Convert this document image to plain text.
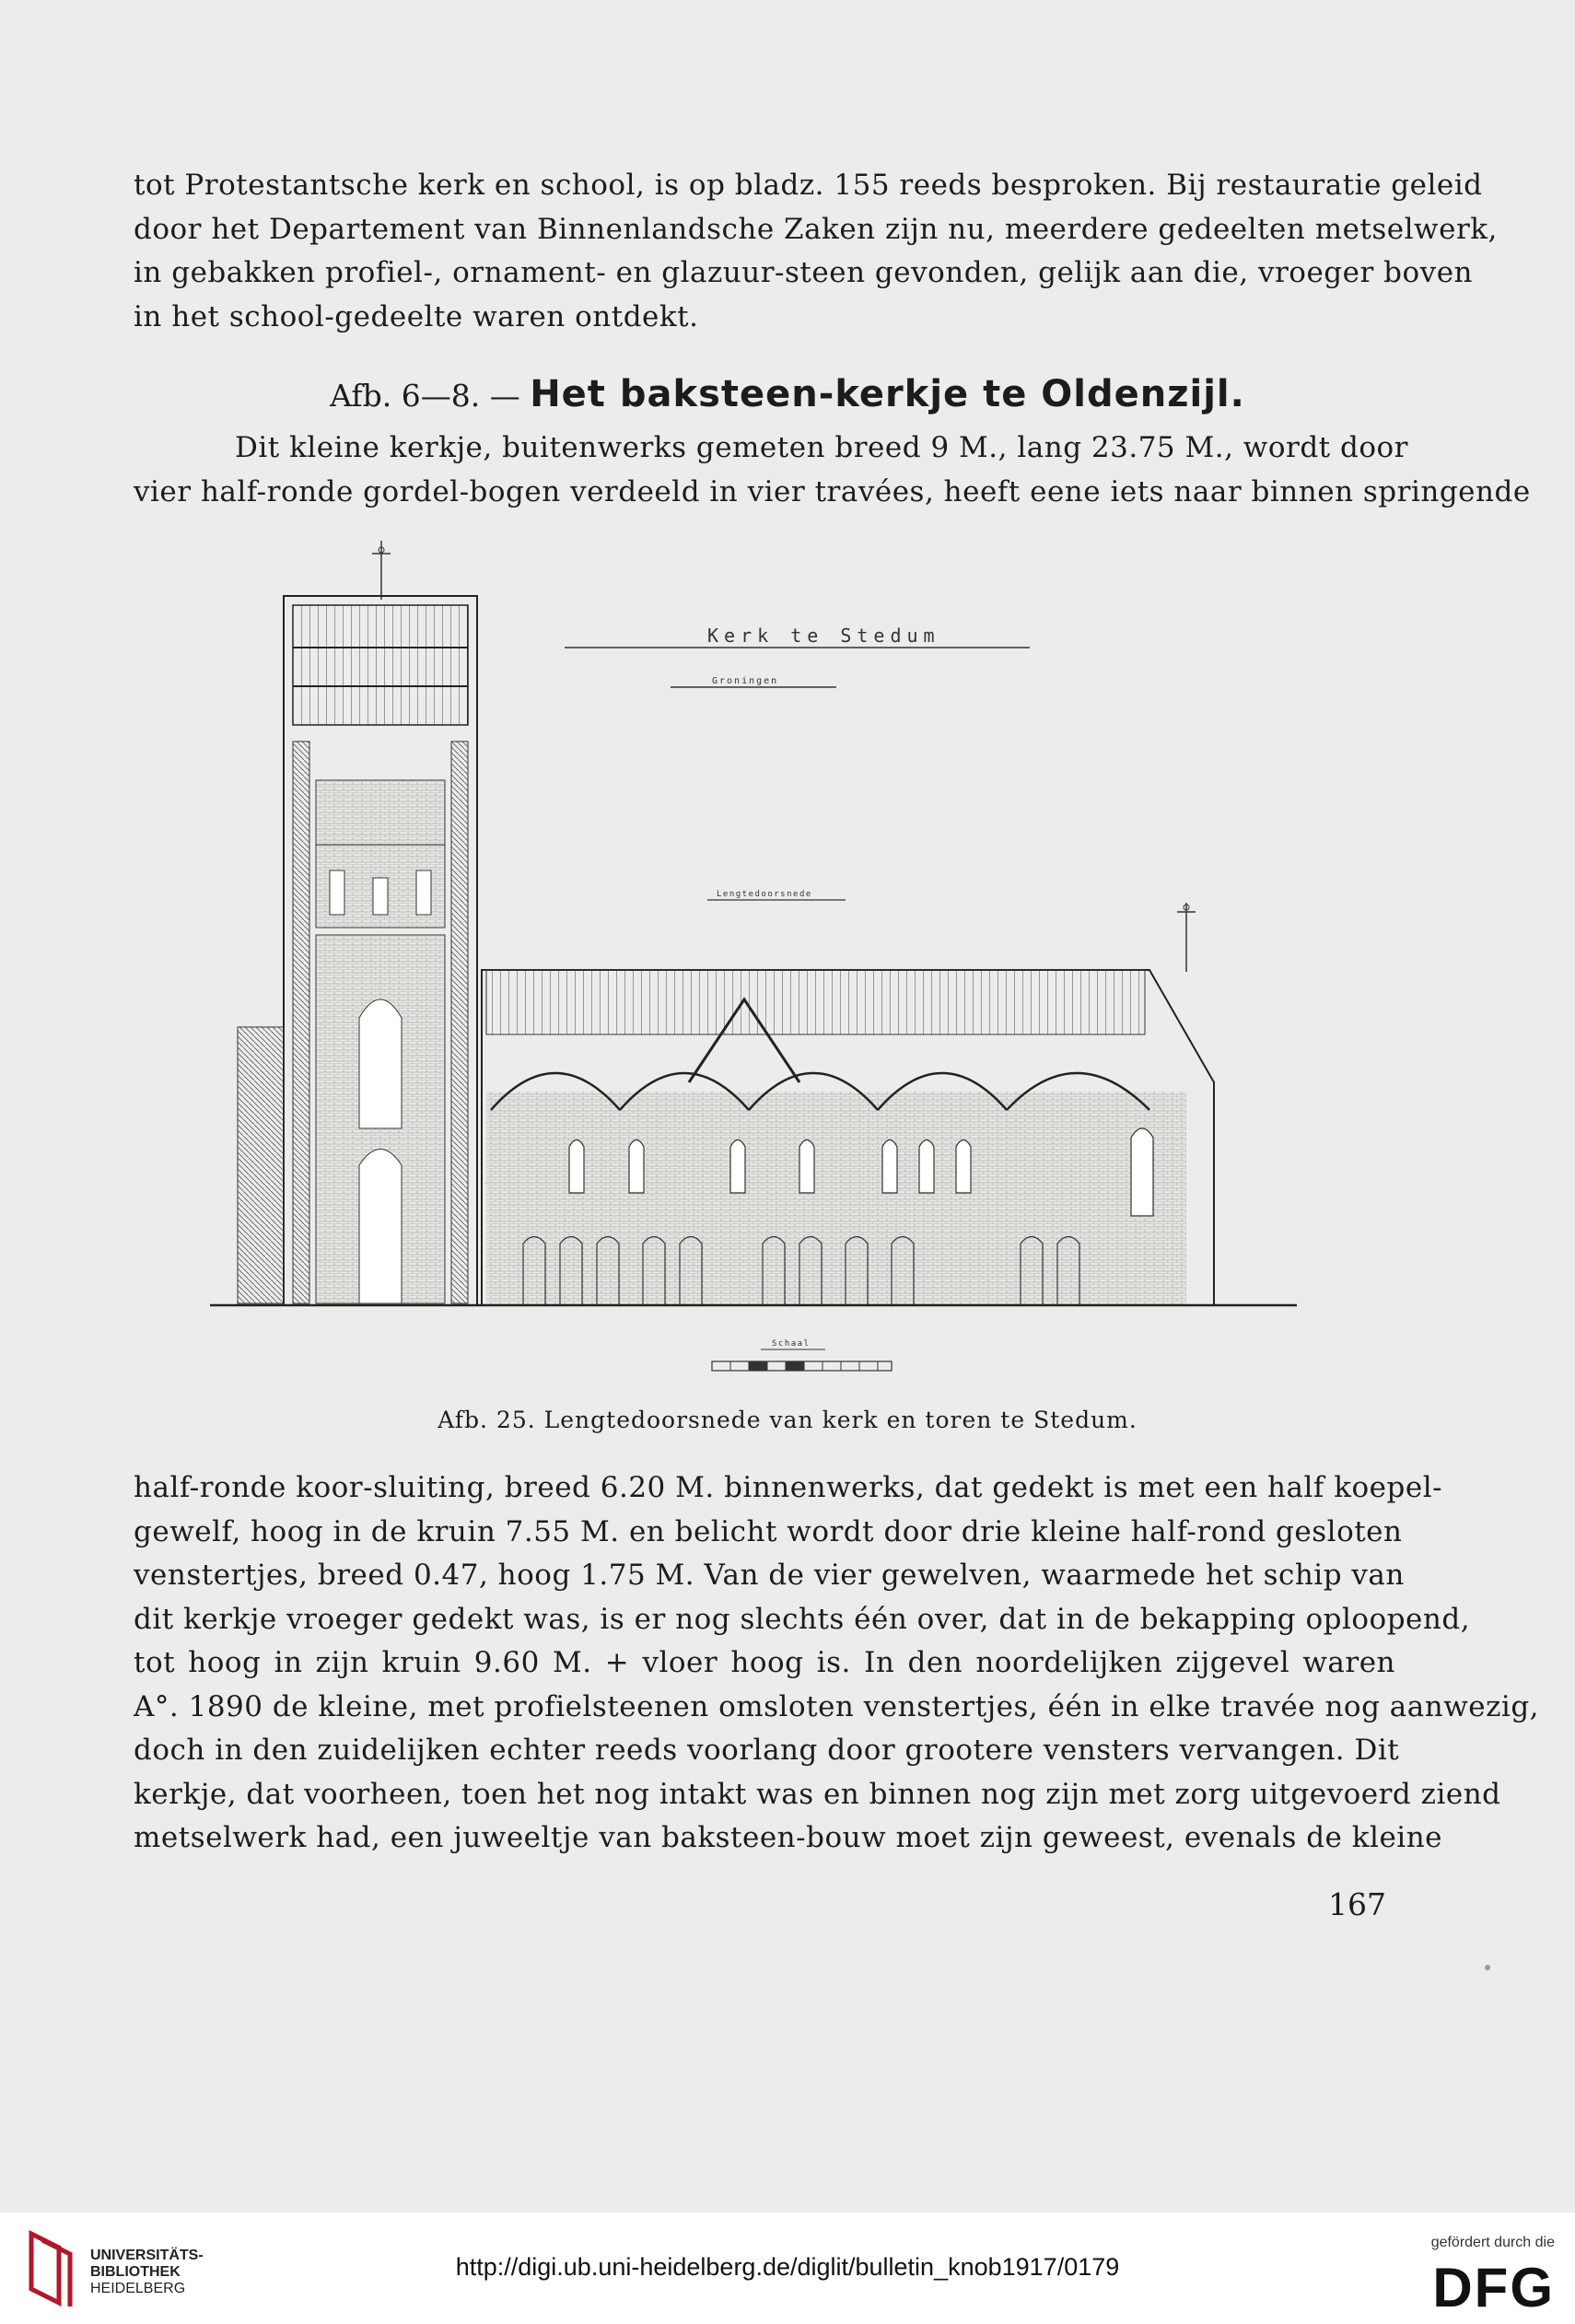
tot Protestantsche kerk en school, is op bladz. 155 reeds besproken. Bij restauratie geleid
door het Departement van Binnenlandsche Zaken zijn nu, meerdere gedeelten metselwerk,
in gebakken profiel-, ornament- en glazuur-steen gevonden, gelijk aan die, vroeger boven
in het school-gedeelte waren ontdekt.
Afb. 6—8. — Het baksteen-kerkje te Oldenzijl.
Dit kleine kerkje, buitenwerks gemeten breed 9 M., lang 23.75 M., wordt door
vier half-ronde gordel-bogen verdeeld in vier travées, heeft eene iets naar binnen springende
Kerk te Stedum
Groningen
Lengtedoorsnede
Schaal

Afb. 25. Lengtedoorsnede van kerk en toren te Stedum.

half-ronde koor-sluiting, breed 6.20 M. binnenwerks, dat gedekt is met een half koepel-
gewelf, hoog in de kruin 7.55 M. en belicht wordt door drie kleine half-rond gesloten
venstertjes, breed 0.47, hoog 1.75 M. Van de vier gewelven, waarmede het schip van
dit kerkje vroeger gedekt was, is er nog slechts één over, dat in de bekapping oploopend,
tot hoog in zijn kruin 9.60 M. + vloer hoog is. In den noordelijken zijgevel waren
A°. 1890 de kleine, met profielsteenen omsloten venstertjes, één in elke travée nog aanwezig,
doch in den zuidelijken echter reeds voorlang door grootere vensters vervangen. Dit
kerkje, dat voorheen, toen het nog intakt was en binnen nog zijn met zorg uitgevoerd ziend
metselwerk had, een juweeltje van baksteen-bouw moet zijn geweest, evenals de kleine

167

UNIVERSITÄTS-
BIBLIOTHEK
HEIDELBERG
http://digi.ub.uni-heidelberg.de/diglit/bulletin_knob1917/0179
gefördert durch die
DFG
